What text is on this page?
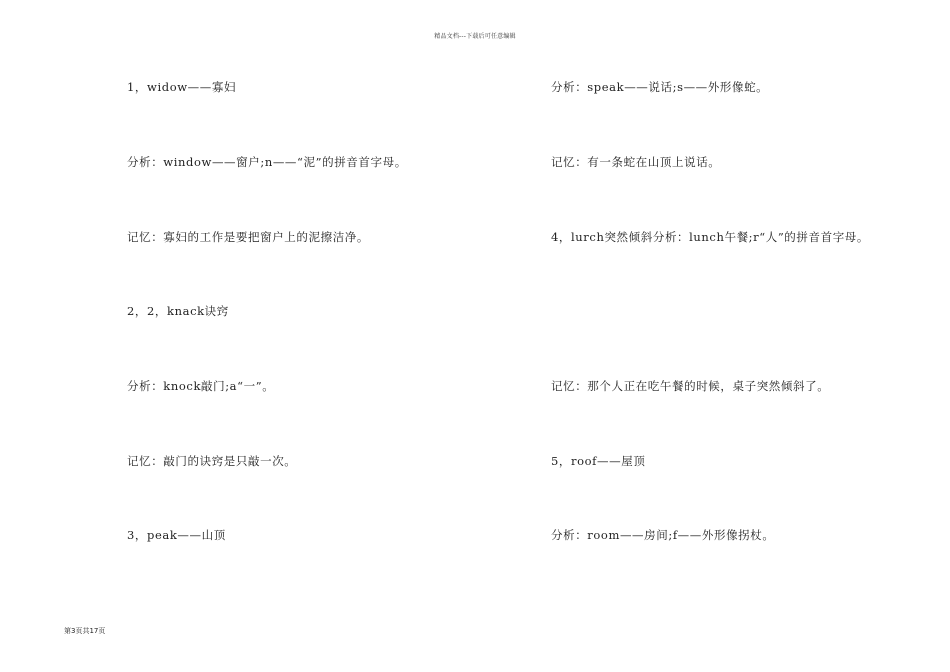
精品文档---下载后可任意编辑
1，widow——寡妇
分析：window——窗户;n——“泥”的拼音首字母。
记忆：寡妇的工作是要把窗户上的泥擦洁净。
2，2，knack诀窍
分析：knock敲门;a“一”。
记忆：敲门的诀窍是只敲一次。
3，peak——山顶
分析：speak——说话;s——外形像蛇。
记忆：有一条蛇在山顶上说话。
4，lurch突然倾斜分析：lunch午餐;r“人”的拼音首字母。
记忆：那个人正在吃午餐的时候，桌子突然倾斜了。
5，roof——屋顶
分析：room——房间;f——外形像拐杖。
第3页共17页
